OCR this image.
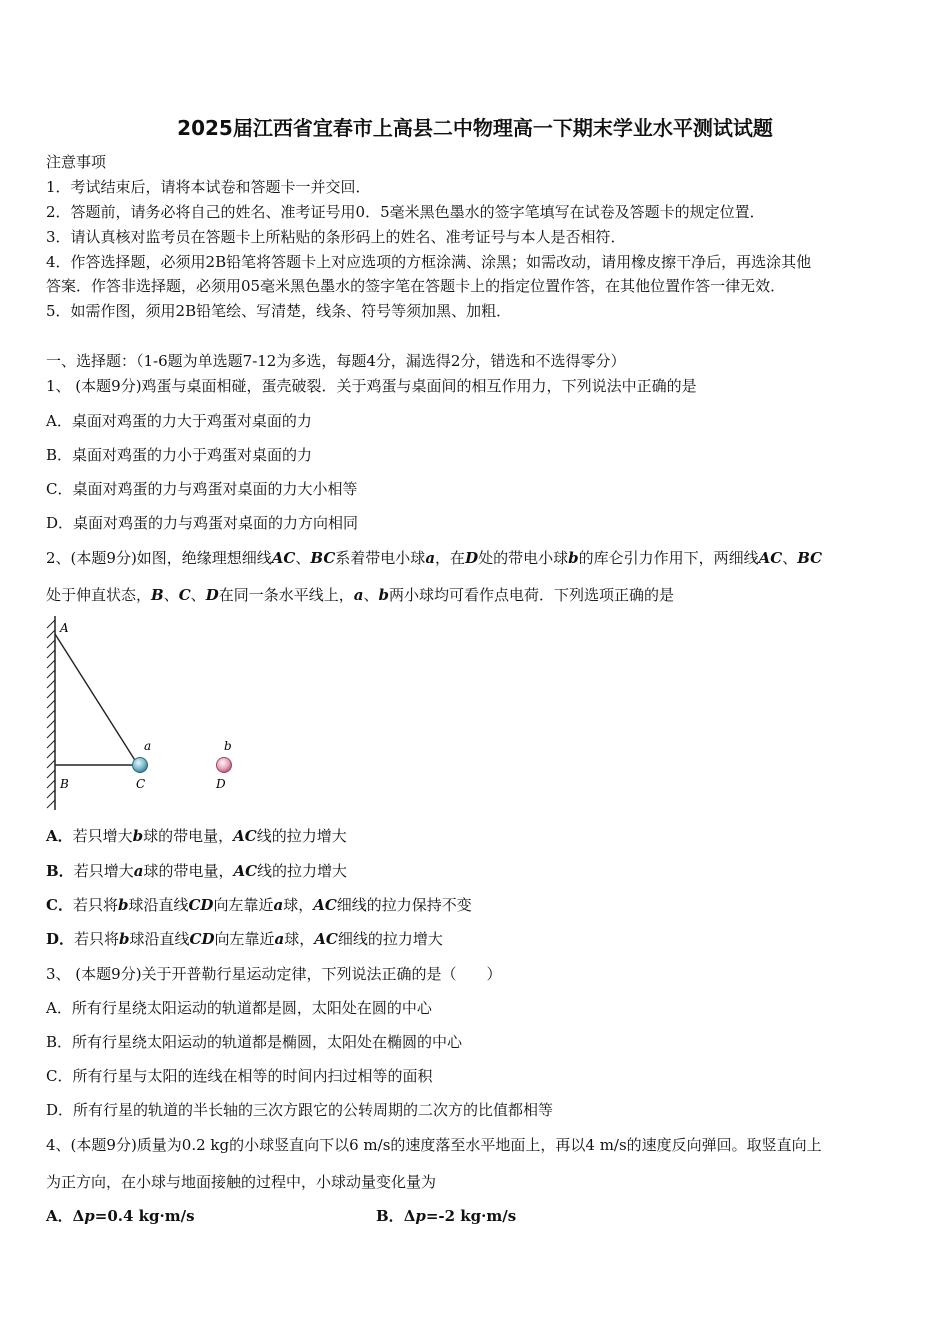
2025届江西省宜春市上高县二中物理高一下期末学业水平测试试题
注意事项
1．考试结束后，请将本试卷和答题卡一并交回．
2．答题前，请务必将自己的姓名、准考证号用0．5毫米黑色墨水的签字笔填写在试卷及答题卡的规定位置．
3．请认真核对监考员在答题卡上所粘贴的条形码上的姓名、准考证号与本人是否相符．
4．作答选择题，必须用2B铅笔将答题卡上对应选项的方框涂满、涂黑；如需改动，请用橡皮擦干净后，再选涂其他
答案．作答非选择题，必须用05毫米黑色墨水的签字笔在答题卡上的指定位置作答，在其他位置作答一律无效．
5．如需作图，须用2B铅笔绘、写清楚，线条、符号等须加黑、加粗．
一、选择题：（1-6题为单选题7-12为多选，每题4分，漏选得2分，错选和不选得零分）
1、 (本题9分)鸡蛋与桌面相碰，蛋壳破裂．关于鸡蛋与桌面间的相互作用力，下列说法中正确的是
A．桌面对鸡蛋的力大于鸡蛋对桌面的力
B．桌面对鸡蛋的力小于鸡蛋对桌面的力
C．桌面对鸡蛋的力与鸡蛋对桌面的力大小相等
D．桌面对鸡蛋的力与鸡蛋对桌面的力方向相同
2、(本题9分)如图，绝缘理想细线AC、BC系着带电小球a，在D处的带电小球b的库仑引力作用下，两细线AC、BC
处于伸直状态，B、C、D在同一条水平线上，a、b两小球均可看作点电荷．下列选项正确的是
A
B	C	D
a	b
A．若只增大b球的带电量，AC线的拉力增大
B．若只增大a球的带电量，AC线的拉力增大
C．若只将b球沿直线CD向左靠近a球，AC细线的拉力保持不变
D．若只将b球沿直线CD向左靠近a球，AC细线的拉力增大
3、 (本题9分)关于开普勒行星运动定律，下列说法正确的是（　　）
A．所有行星绕太阳运动的轨道都是圆，太阳处在圆的中心
B．所有行星绕太阳运动的轨道都是椭圆，太阳处在椭圆的中心
C．所有行星与太阳的连线在相等的时间内扫过相等的面积
D．所有行星的轨道的半长轴的三次方跟它的公转周期的二次方的比值都相等
4、(本题9分)质量为0.2 kg的小球竖直向下以6 m/s的速度落至水平地面上，再以4 m/s的速度反向弹回。取竖直向上
为正方向，在小球与地面接触的过程中，小球动量变化量为
A．Δp=0.4 kg·m/s	B．Δp=-2 kg·m/s
